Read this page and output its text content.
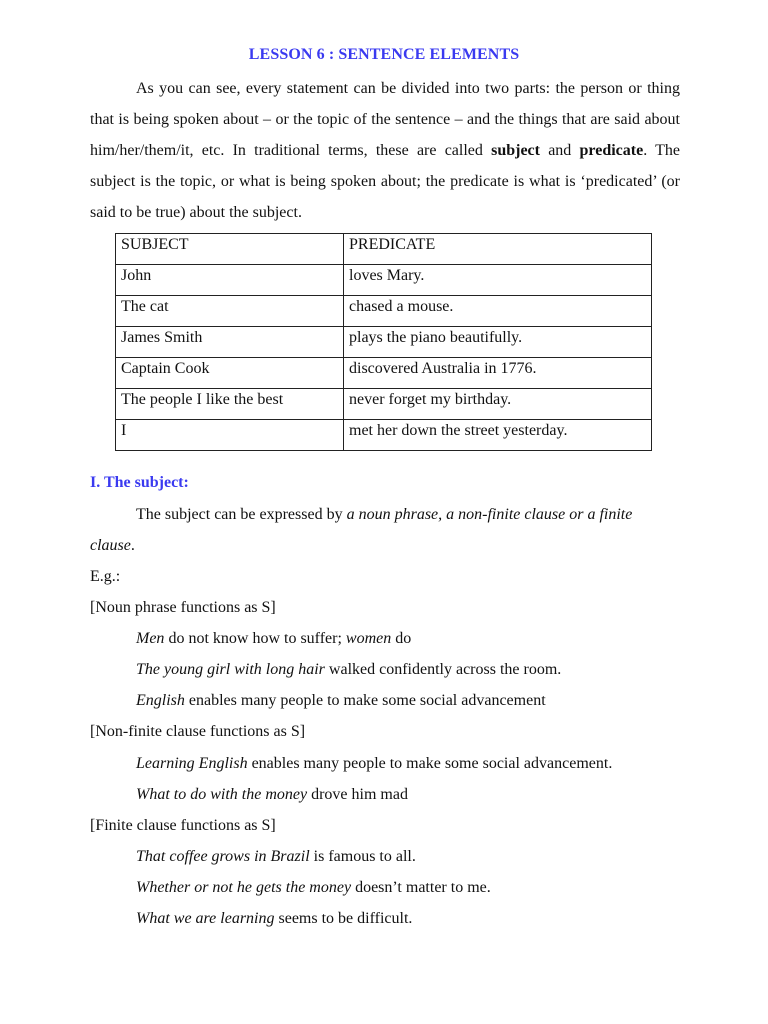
LESSON 6 : SENTENCE ELEMENTS
As you can see, every statement can be divided into two parts: the person or thing that is being spoken about – or the topic of the sentence – and the things that are said about him/her/them/it, etc. In traditional terms, these are called subject and predicate. The subject is the topic, or what is being spoken about; the predicate is what is ‘predicated’ (or said to be true) about the subject.
SUBJECT	PREDICATE
John	loves Mary.
The cat	chased a mouse.
James Smith	plays the piano beautifully.
Captain Cook	discovered Australia in 1776.
The people I like the best	never forget my birthday.
I	met her down the street yesterday.
I. The subject:
The subject can be expressed by a noun phrase, a non-finite clause or a finite
clause.
E.g.:
[Noun phrase functions as S]
Men do not know how to suffer; women do
The young girl with long hair walked confidently across the room.
English enables many people to make some social advancement
[Non-finite clause functions as S]
Learning English enables many people to make some social advancement.
What to do with the money drove him mad
[Finite clause functions as S]
That coffee grows in Brazil is famous to all.
Whether or not he gets the money doesn’t matter to me.
What we are learning seems to be difficult.
